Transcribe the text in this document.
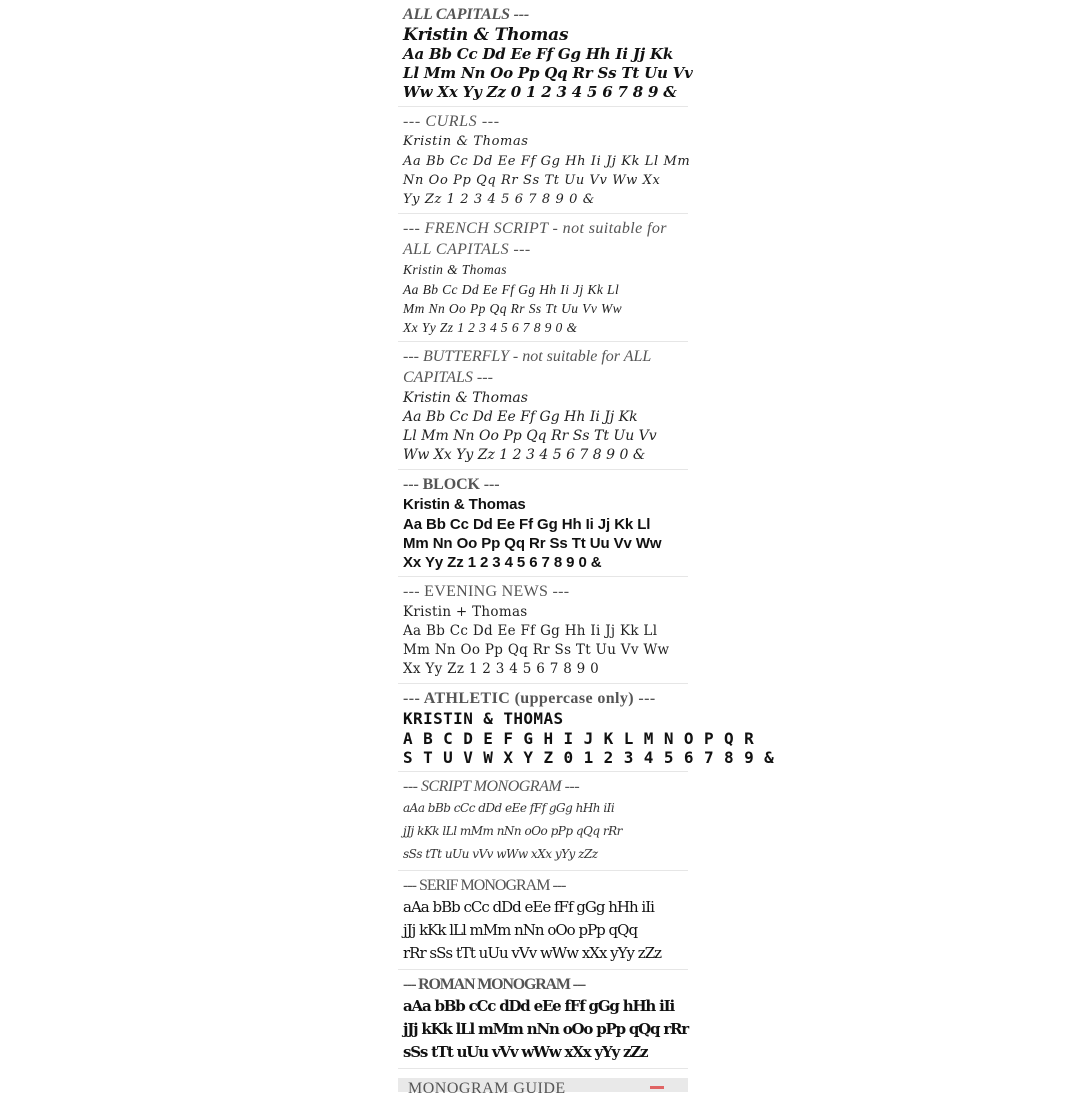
ALL CAPITALS ---
Kristin & Thomas
Aa Bb Cc Dd Ee Ff Gg Hh Ii Jj Kk
Ll Mm Nn Oo Pp Qq Rr Ss Tt Uu Vv
Ww Xx Yy Zz 0 1 2 3 4 5 6 7 8 9 &
--- CURLS ---
Kristin & Thomas
Aa Bb Cc Dd Ee Ff Gg Hh Ii Jj Kk Ll Mm
Nn Oo Pp Qq Rr Ss Tt Uu Vv Ww Xx
Yy Zz 1 2 3 4 5 6 7 8 9 0 &
--- FRENCH SCRIPT - not suitable for ALL CAPITALS ---
Kristin & Thomas
Aa Bb Cc Dd Ee Ff Gg Hh Ii Jj Kk Ll
Mm Nn Oo Pp Qq Rr Ss Tt Uu Vv Ww
Xx Yy Zz 1 2 3 4 5 6 7 8 9 0 &
--- BUTTERFLY - not suitable for ALL CAPITALS ---
Kristin & Thomas
Aa Bb Cc Dd Ee Ff Gg Hh Ii Jj Kk
Ll Mm Nn Oo Pp Qq Rr Ss Tt Uu Vv
Ww Xx Yy Zz 1 2 3 4 5 6 7 8 9 0 &
--- BLOCK ---
Kristin & Thomas
Aa Bb Cc Dd Ee Ff Gg Hh Ii Jj Kk Ll
Mm Nn Oo Pp Qq Rr Ss Tt Uu Vv Ww
Xx Yy Zz 1 2 3 4 5 6 7 8 9 0 &
--- EVENING NEWS ---
Kristin + Thomas
Aa Bb Cc Dd Ee Ff Gg Hh Ii Jj Kk Ll
Mm Nn Oo Pp Qq Rr Ss Tt Uu Vv Ww
Xx Yy Zz 1 2 3 4 5 6 7 8 9 0
--- ATHLETIC (uppercase only) ---
KRISTIN & THOMAS
A B C D E F G H I J K L M N O P Q R
S T U V W X Y Z 0 1 2 3 4 5 6 7 8 9 &
--- SCRIPT MONOGRAM ---
aAa bBb cCc dDd eEe fFf gGg hHh iIi
jJj kKk lLl mMm nNn oOo pPp qQq rRr
sSs tTt uUu vVv wWw xXx yYy zZz
--- SERIF MONOGRAM ---
aAa bBb cCc dDd eEe fFf gGg hHh iIi
jJj kKk lLl mMm nNn oOo pPp qQq
rRr sSs tTt uUu vVv wWw xXx yYy zZz
--- ROMAN MONOGRAM ---
aAa bBb cCc dDd eEe fFf gGg hHh iIi
jJj kKk lLl mMm nNn oOo pPp qQq rRr
sSs tTt uUu vVv wWw xXx yYy zZz
MONOGRAM GUIDE
